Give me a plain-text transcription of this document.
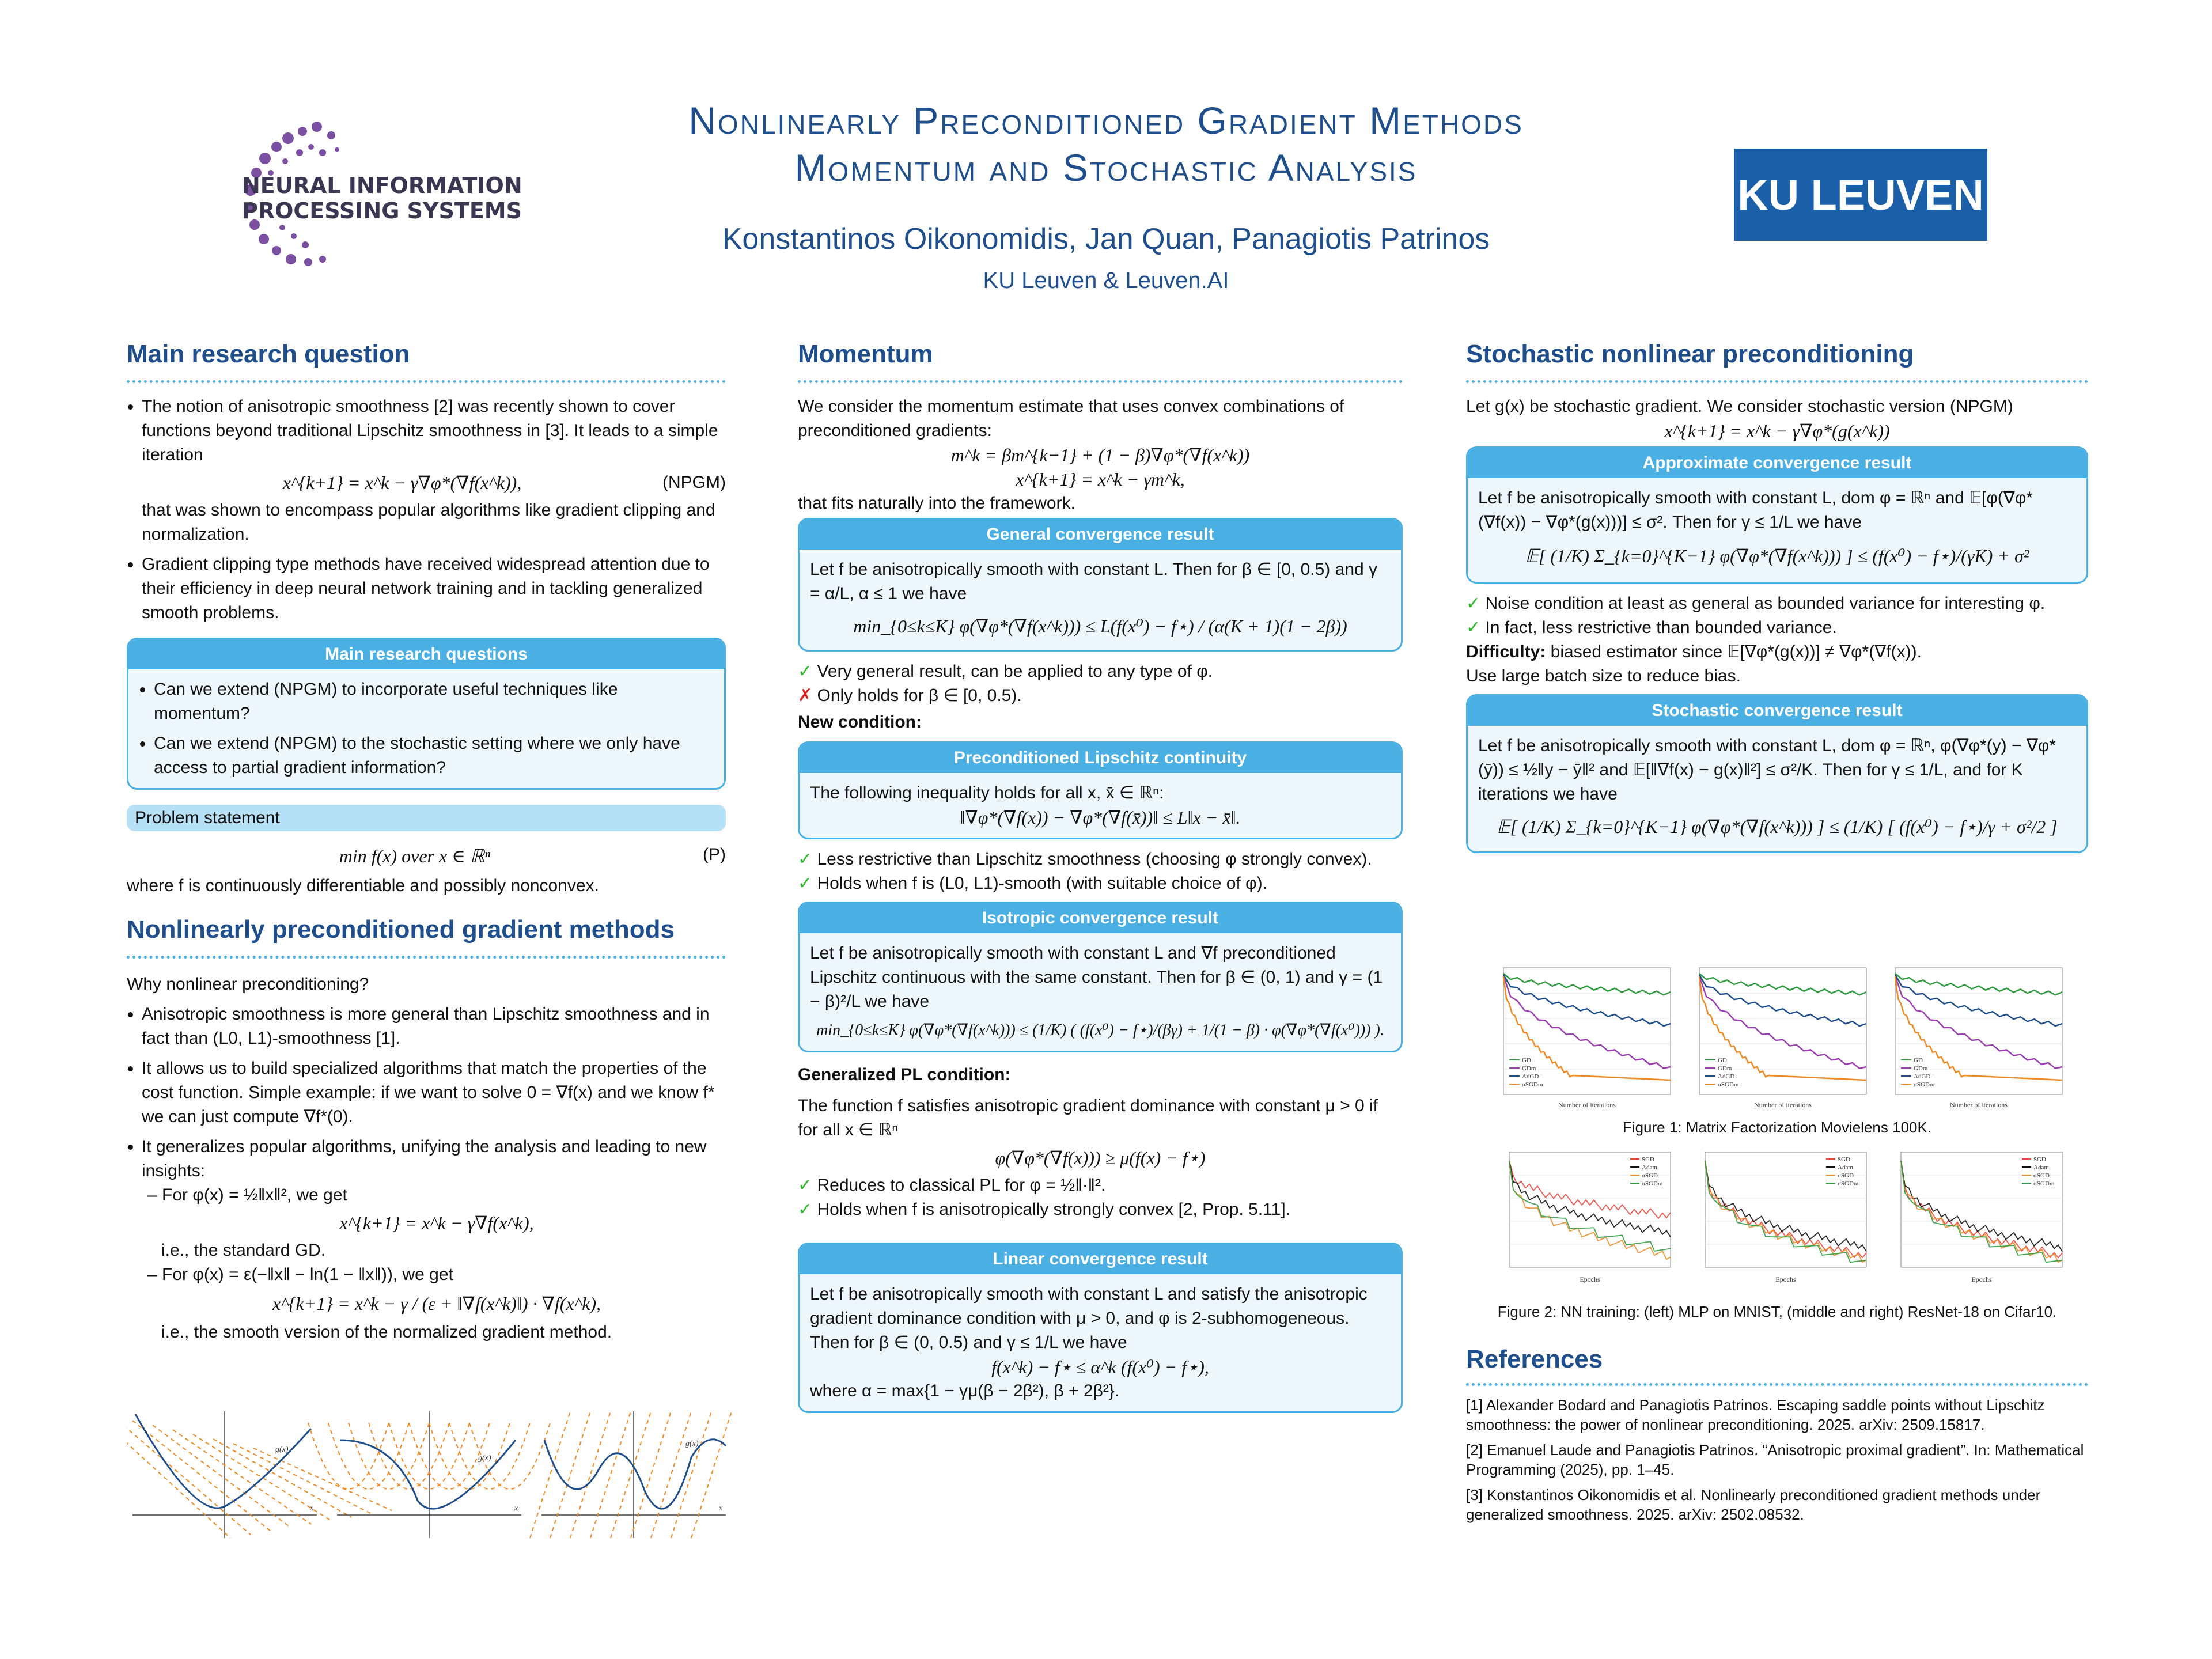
NEURAL INFORMATION
PROCESSING SYSTEMS
Nonlinearly Preconditioned Gradient Methods
Momentum and Stochastic Analysis
Konstantinos Oikonomidis, Jan Quan, Panagiotis Patrinos
KU Leuven & Leuven.AI
KU LEUVEN
Main research question
• The notion of anisotropic smoothness [2] was recently shown to cover functions beyond traditional Lipschitz smoothness in [3]. It leads to a simple iteration
x^{k+1} = x^k − γ∇φ*(∇f(x^k)),	(NPGM)
that was shown to encompass popular algorithms like gradient clipping and normalization.
• Gradient clipping type methods have received widespread attention due to their efficiency in deep neural network training and in tackling generalized smooth problems.
Main research questions
• Can we extend (NPGM) to incorporate useful techniques like momentum?
• Can we extend (NPGM) to the stochastic setting where we only have access to partial gradient information?
Problem statement
min f(x) over x ∈ ℝⁿ	(P)
where f is continuously differentiable and possibly nonconvex.
Nonlinearly preconditioned gradient methods
Why nonlinear preconditioning?
• Anisotropic smoothness is more general than Lipschitz smoothness and in fact than (L0, L1)-smoothness [1].
• It allows us to build specialized algorithms that match the properties of the cost function. Simple example: if we want to solve 0 = ∇f(x) and we know f* we can just compute ∇f*(0).
• It generalizes popular algorithms, unifying the analysis and leading to new insights:
– For φ(x) = ½‖x‖², we get
x^{k+1} = x^k − γ∇f(x^k),
i.e., the standard GD.
– For φ(x) = ε(−‖x‖ − ln(1 − ‖x‖)), we get
x^{k+1} = x^k − γ / (ε + ‖∇f(x^k)‖) · ∇f(x^k),
i.e., the smooth version of the normalized gradient method.
x
g(x)
x
g(x)
x
g(x)
Momentum
We consider the momentum estimate that uses convex combinations of preconditioned gradients:
m^k = βm^{k−1} + (1 − β)∇φ*(∇f(x^k))
x^{k+1} = x^k − γm^k,
that fits naturally into the framework.
General convergence result
Let f be anisotropically smooth with constant L. Then for β ∈ [0, 0.5) and γ = α/L, α ≤ 1 we have
min_{0≤k≤K} φ(∇φ*(∇f(x^k))) ≤ L(f(x⁰) − f⋆) / (α(K + 1)(1 − 2β))
✓ Very general result, can be applied to any type of φ.
✗ Only holds for β ∈ [0, 0.5).
New condition:
Preconditioned Lipschitz continuity
The following inequality holds for all x, x̄ ∈ ℝⁿ:
‖∇φ*(∇f(x)) − ∇φ*(∇f(x̄))‖ ≤ L‖x − x̄‖.
✓ Less restrictive than Lipschitz smoothness (choosing φ strongly convex).
✓ Holds when f is (L0, L1)-smooth (with suitable choice of φ).
Isotropic convergence result
Let f be anisotropically smooth with constant L and ∇f preconditioned Lipschitz continuous with the same constant. Then for β ∈ (0, 1) and γ = (1 − β)²/L we have
min_{0≤k≤K} φ(∇φ*(∇f(x^k))) ≤ (1/K) ( (f(x⁰) − f⋆)/(βγ) + 1/(1 − β) · φ(∇φ*(∇f(x⁰))) ).
Generalized PL condition:
The function f satisfies anisotropic gradient dominance with constant μ > 0 if for all x ∈ ℝⁿ
φ(∇φ*(∇f(x))) ≥ μ(f(x) − f⋆)
✓ Reduces to classical PL for φ = ½‖·‖².
✓ Holds when f is anisotropically strongly convex [2, Prop. 5.11].
Linear convergence result
Let f be anisotropically smooth with constant L and satisfy the anisotropic gradient dominance condition with μ > 0, and φ is 2-subhomogeneous. Then for β ∈ (0, 0.5) and γ ≤ 1/L we have
f(x^k) − f⋆ ≤ α^k (f(x⁰) − f⋆),
where α = max{1 − γμ(β − 2β²), β + 2β²}.
Stochastic nonlinear preconditioning
Let g(x) be stochastic gradient. We consider stochastic version (NPGM)
x^{k+1} = x^k − γ∇φ*(g(x^k))
Approximate convergence result
Let f be anisotropically smooth with constant L, dom φ = ℝⁿ and 𝔼[φ(∇φ*(∇f(x)) − ∇φ*(g(x)))] ≤ σ². Then for γ ≤ 1/L we have
𝔼[ (1/K) Σ_{k=0}^{K−1} φ(∇φ*(∇f(x^k))) ] ≤ (f(x⁰) − f⋆)/(γK) + σ²
✓ Noise condition at least as general as bounded variance for interesting φ.
✓ In fact, less restrictive than bounded variance.
Difficulty: biased estimator since 𝔼[∇φ*(g(x))] ≠ ∇φ*(∇f(x)).
Use large batch size to reduce bias.
Stochastic convergence result
Let f be anisotropically smooth with constant L, dom φ = ℝⁿ, φ(∇φ*(y) − ∇φ*(ȳ)) ≤ ½‖y − ȳ‖² and 𝔼[‖∇f(x) − g(x)‖²] ≤ σ²/K. Then for γ ≤ 1/L, and for K iterations we have
𝔼[ (1/K) Σ_{k=0}^{K−1} φ(∇φ*(∇f(x^k))) ] ≤ (1/K) [ (f(x⁰) − f⋆)/γ + σ²/2 ]
GD
GDm
AdGD-
σSGDm
Number of iterations
GD
GDm
AdGD-
σSGDm
Number of iterations
GD
GDm
AdGD-
σSGDm
Number of iterations
Figure 1: Matrix Factorization Movielens 100K.
SGD
Adam
σSGD
σSGDm
Epochs
SGD
Adam
σSGD
σSGDm
Epochs
SGD
Adam
σSGD
σSGDm
Epochs
Figure 2: NN training: (left) MLP on MNIST, (middle and right) ResNet-18 on Cifar10.
References

[1] Alexander Bodard and Panagiotis Patrinos. Escaping saddle points without Lipschitz smoothness: the power of nonlinear preconditioning. 2025. arXiv: 2509.15817.

[2] Emanuel Laude and Panagiotis Patrinos. “Anisotropic proximal gradient”. In: Mathematical Programming (2025), pp. 1–45.

[3] Konstantinos Oikonomidis et al. Nonlinearly preconditioned gradient methods under generalized smoothness. 2025. arXiv: 2502.08532.
